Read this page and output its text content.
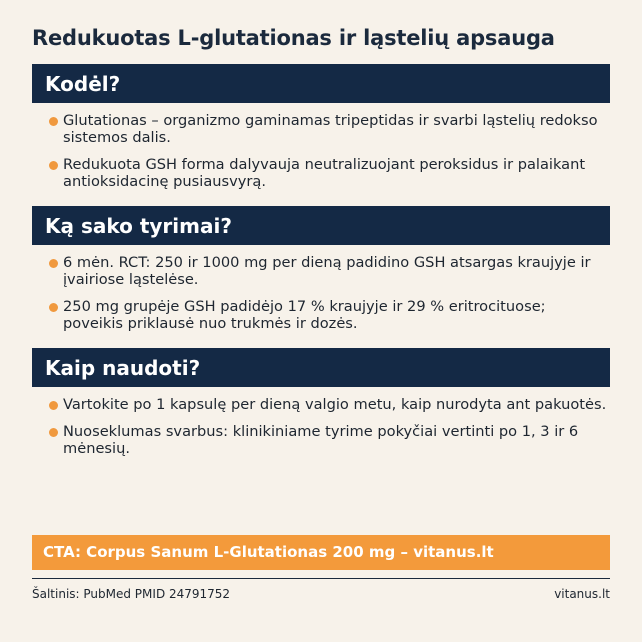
Redukuotas L-glutationas ir ląstelių apsauga
Kodėl?
Glutationas – organizmo gaminamas tripeptidas ir svarbi ląstelių redokso sistemos dalis.
Redukuota GSH forma dalyvauja neutralizuojant peroksidus ir palaikant antioksidacinę pusiausvyrą.
Ką sako tyrimai?
6 mėn. RCT: 250 ir 1000 mg per dieną padidino GSH atsargas kraujyje ir įvairiose ląstelėse.
250 mg grupėje GSH padidėjo 17 % kraujyje ir 29 % eritrocituose; poveikis priklausė nuo trukmės ir dozės.
Kaip naudoti?
Vartokite po 1 kapsulę per dieną valgio metu, kaip nurodyta ant pakuotės.
Nuoseklumas svarbus: klinikiniame tyrime pokyčiai vertinti po 1, 3 ir 6 mėnesių.
CTA: Corpus Sanum L-Glutationas 200 mg – vitanus.lt
Šaltinis: PubMed PMID 24791752	vitanus.lt
